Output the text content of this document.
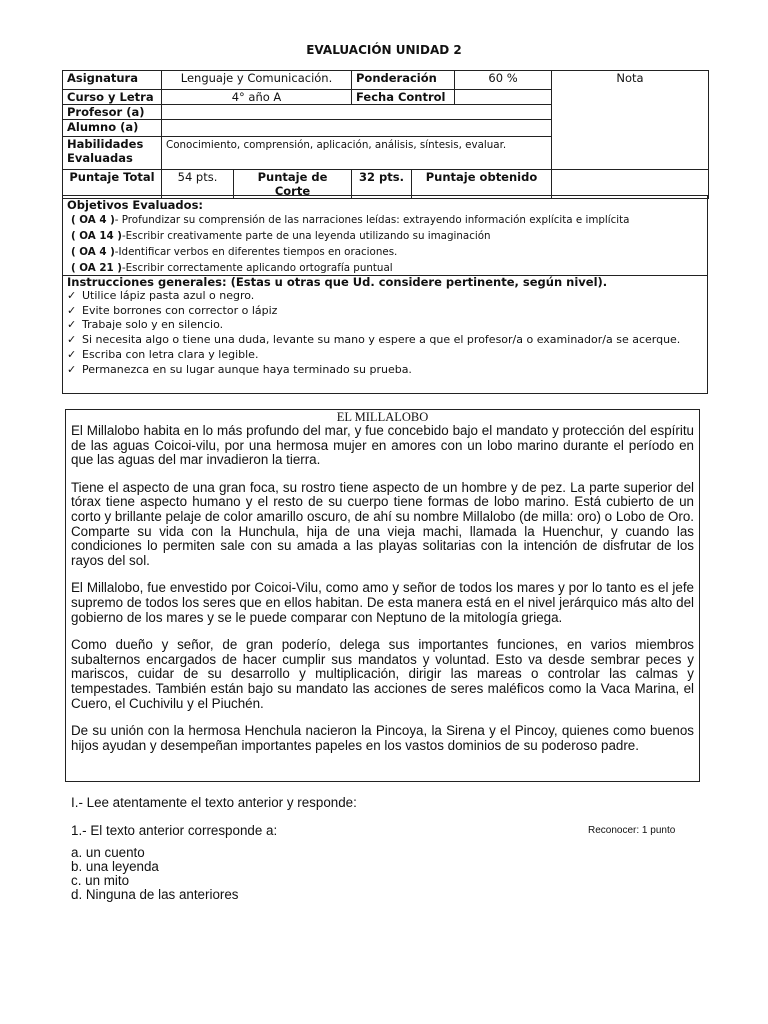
EVALUACIÓN UNIDAD 2
Asignatura	Lenguaje y Comunicación.		Ponderación		60 %	Nota
Curso y Letra	4° año A		Fecha Control			
Profesor (a)						
Alumno (a)						
Habilidades Evaluadas	Conocimiento, comprensión, aplicación, análisis, síntesis, evaluar.					
Puntaje Total	54 pts.	Puntaje de Corte	32 pts.	Puntaje obtenido		
Objetivos Evaluados:
( OA 4 )- Profundizar su comprensión de las narraciones leídas: extrayendo información explícita e implícita
( OA 14 )-Escribir creativamente parte de una leyenda utilizando su imaginación
( OA 4 )-Identificar verbos en diferentes tiempos en oraciones.
( OA 21 )-Escribir correctamente aplicando ortografía puntual
Instrucciones generales: (Estas u otras que Ud. considere pertinente, según nivel).
✓ Utilice lápiz pasta azul o negro.
✓ Evite borrones con corrector o lápiz
✓ Trabaje solo y en silencio.
✓ Si necesita algo o tiene una duda, levante su mano y espere a que el profesor/a o examinador/a se acerque.
✓ Escriba con letra clara y legible.
✓ Permanezca en su lugar aunque haya terminado su prueba.
EL MILLALOBO

El Millalobo habita en lo más profundo del mar, y fue concebido bajo el mandato y protección del espíritu de las aguas Coicoi-vilu, por una hermosa mujer en amores con un lobo marino durante el período en que las aguas del mar invadieron la tierra.

Tiene el aspecto de una gran foca, su rostro tiene aspecto de un hombre y de pez. La parte superior del tórax tiene aspecto humano y el resto de su cuerpo tiene formas de lobo marino. Está cubierto de un corto y brillante pelaje de color amarillo oscuro, de ahí su nombre Millalobo (de milla: oro) o Lobo de Oro. Comparte su vida con la Hunchula, hija de una vieja machi, llamada la Huenchur, y cuando las condiciones lo permiten sale con su amada a las playas solitarias con la intención de disfrutar de los rayos del sol.

El Millalobo, fue envestido por Coicoi-Vilu, como amo y señor de todos los mares y por lo tanto es el jefe supremo de todos los seres que en ellos habitan. De esta manera está en el nivel jerárquico más alto del gobierno de los mares y se le puede comparar con Neptuno de la mitología griega.

Como dueño y señor, de gran poderío, delega sus importantes funciones, en varios miembros subalternos encargados de hacer cumplir sus mandatos y voluntad. Esto va desde sembrar peces y mariscos, cuidar de su desarrollo y multiplicación, dirigir las mareas o controlar las calmas y tempestades. También están bajo su mandato las acciones de seres maléficos como la Vaca Marina, el Cuero, el Cuchivilu y el Piuchén.

De su unión con la hermosa Henchula nacieron la Pincoya, la Sirena y el Pincoy, quienes como buenos hijos ayudan y desempeñan importantes papeles en los vastos dominios de su poderoso padre.

I.- Lee atentamente el texto anterior y responde:
1.- El texto anterior corresponde a:	Reconocer: 1 punto
a. un cuento
b. una leyenda
c. un mito
d. Ninguna de las anteriores
